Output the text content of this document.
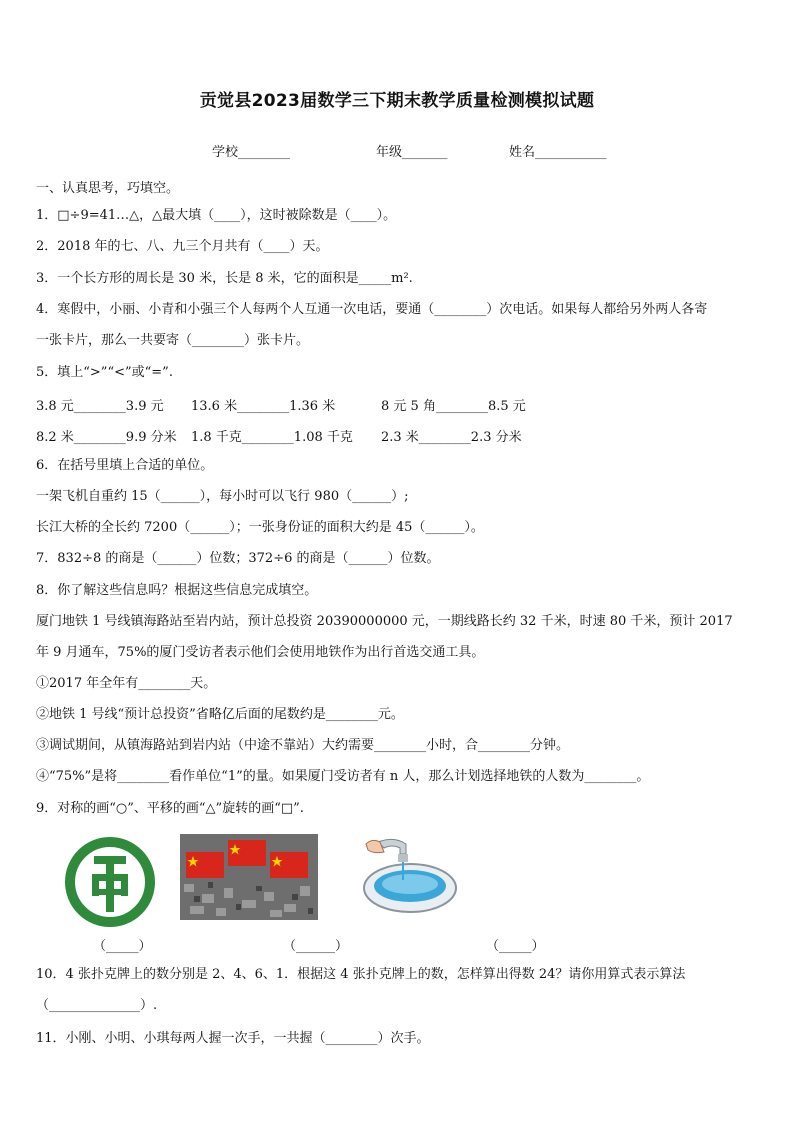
贡觉县2023届数学三下期末教学质量检测模拟试题
学校________	年级_______	姓名___________
一、认真思考，巧填空。
1．□÷9=41…△，△最大填（____），这时被除数是（____）。
2．2018 年的七、八、九三个月共有（____）天。
3．一个长方形的周长是 30 米，长是 8 米，它的面积是_____m².
4．寒假中，小丽、小青和小强三个人每两个人互通一次电话，要通（________）次电话。如果每人都给另外两人各寄
一张卡片，那么一共要寄（________）张卡片。
5．填上“>”“<”或“=”.
3.8 元________3.9 元 13.6 米________1.36 米	8 元 5 角________8.5 元
8.2 米________9.9 分米 1.8 千克________1.08 千克 2.3 米________2.3 分米
6．在括号里填上合适的单位。
一架飞机自重约 15（______），每小时可以飞行 980（______）;
长江大桥的全长约 7200（______）；一张身份证的面积大约是 45（______）。
7．832÷8 的商是（______）位数；372÷6 的商是（______）位数。
8．你了解这些信息吗？根据这些信息完成填空。
厦门地铁 1 号线镇海路站至岩内站，预计总投资 20390000000 元，一期线路长约 32 千米，时速 80 千米，预计 2017
年 9 月通车，75%的厦门受访者表示他们会使用地铁作为出行首选交通工具。
①2017 年全年有________天。
②地铁 1 号线“预计总投资”省略亿后面的尾数约是________元。
③调试期间，从镇海路站到岩内站（中途不靠站）大约需要________小时，合________分钟。
④“75%”是将________看作单位“1”的量。如果厦门受访者有 n 人，那么计划选择地铁的人数为________。
9．对称的画“○”、平移的画“△”旋转的画“□”.
（_____）	（______）	（_____）
10．4 张扑克牌上的数分别是 2、4、6、1．根据这 4 张扑克牌上的数，怎样算出得数 24？请你用算式表示算法
（______________）.
11．小刚、小明、小琪每两人握一次手，一共握（________）次手。
